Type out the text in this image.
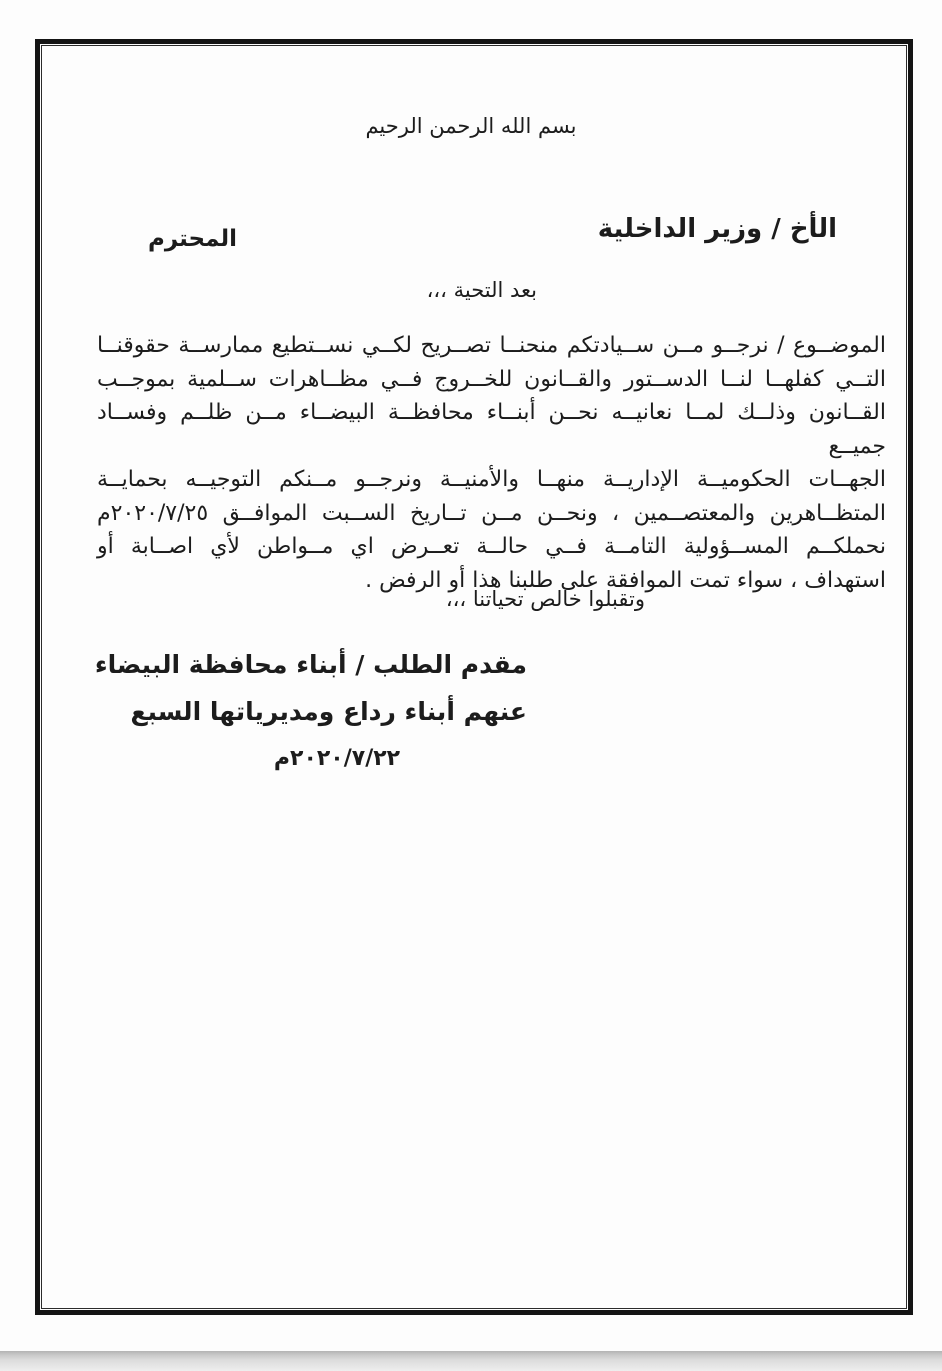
بسم الله الرحمن الرحيم
الأخ / وزير الداخلية
المحترم
بعد التحية ،،،
الموضــوع / نرجــو مــن ســيادتكم منحنــا تصــريح لكــي نســتطيع ممارســة حقوقنــا
التــي كفلهــا لنــا الدســتور والقــانون للخــروج فــي مظــاهرات ســلمية بموجــب
القــانون وذلــك لمــا نعانيــه نحــن أبنــاء محافظــة البيضــاء مــن ظلــم وفســاد جميــع
الجهــات الحكوميــة الإداريــة منهــا والأمنيــة ونرجــو مــنكم التوجيــه بحمايــة
المتظــاهرين والمعتصــمين ، ونحــن مــن تــاريخ الســبت الموافــق ٢٠٢٠/٧/٢٥م
نحملكــم المســؤولية التامــة فــي حالــة تعــرض اي مــواطن لأي اصــابة أو
استهداف ، سواء تمت الموافقة على طلبنا هذا أو الرفض .
وتقبلوا خالص تحياتنا ،،،
مقدم الطلب / أبناء محافظة البيضاء
عنهم أبناء رداع ومديرياتها السبع
٢٠٢٠/٧/٢٢م
